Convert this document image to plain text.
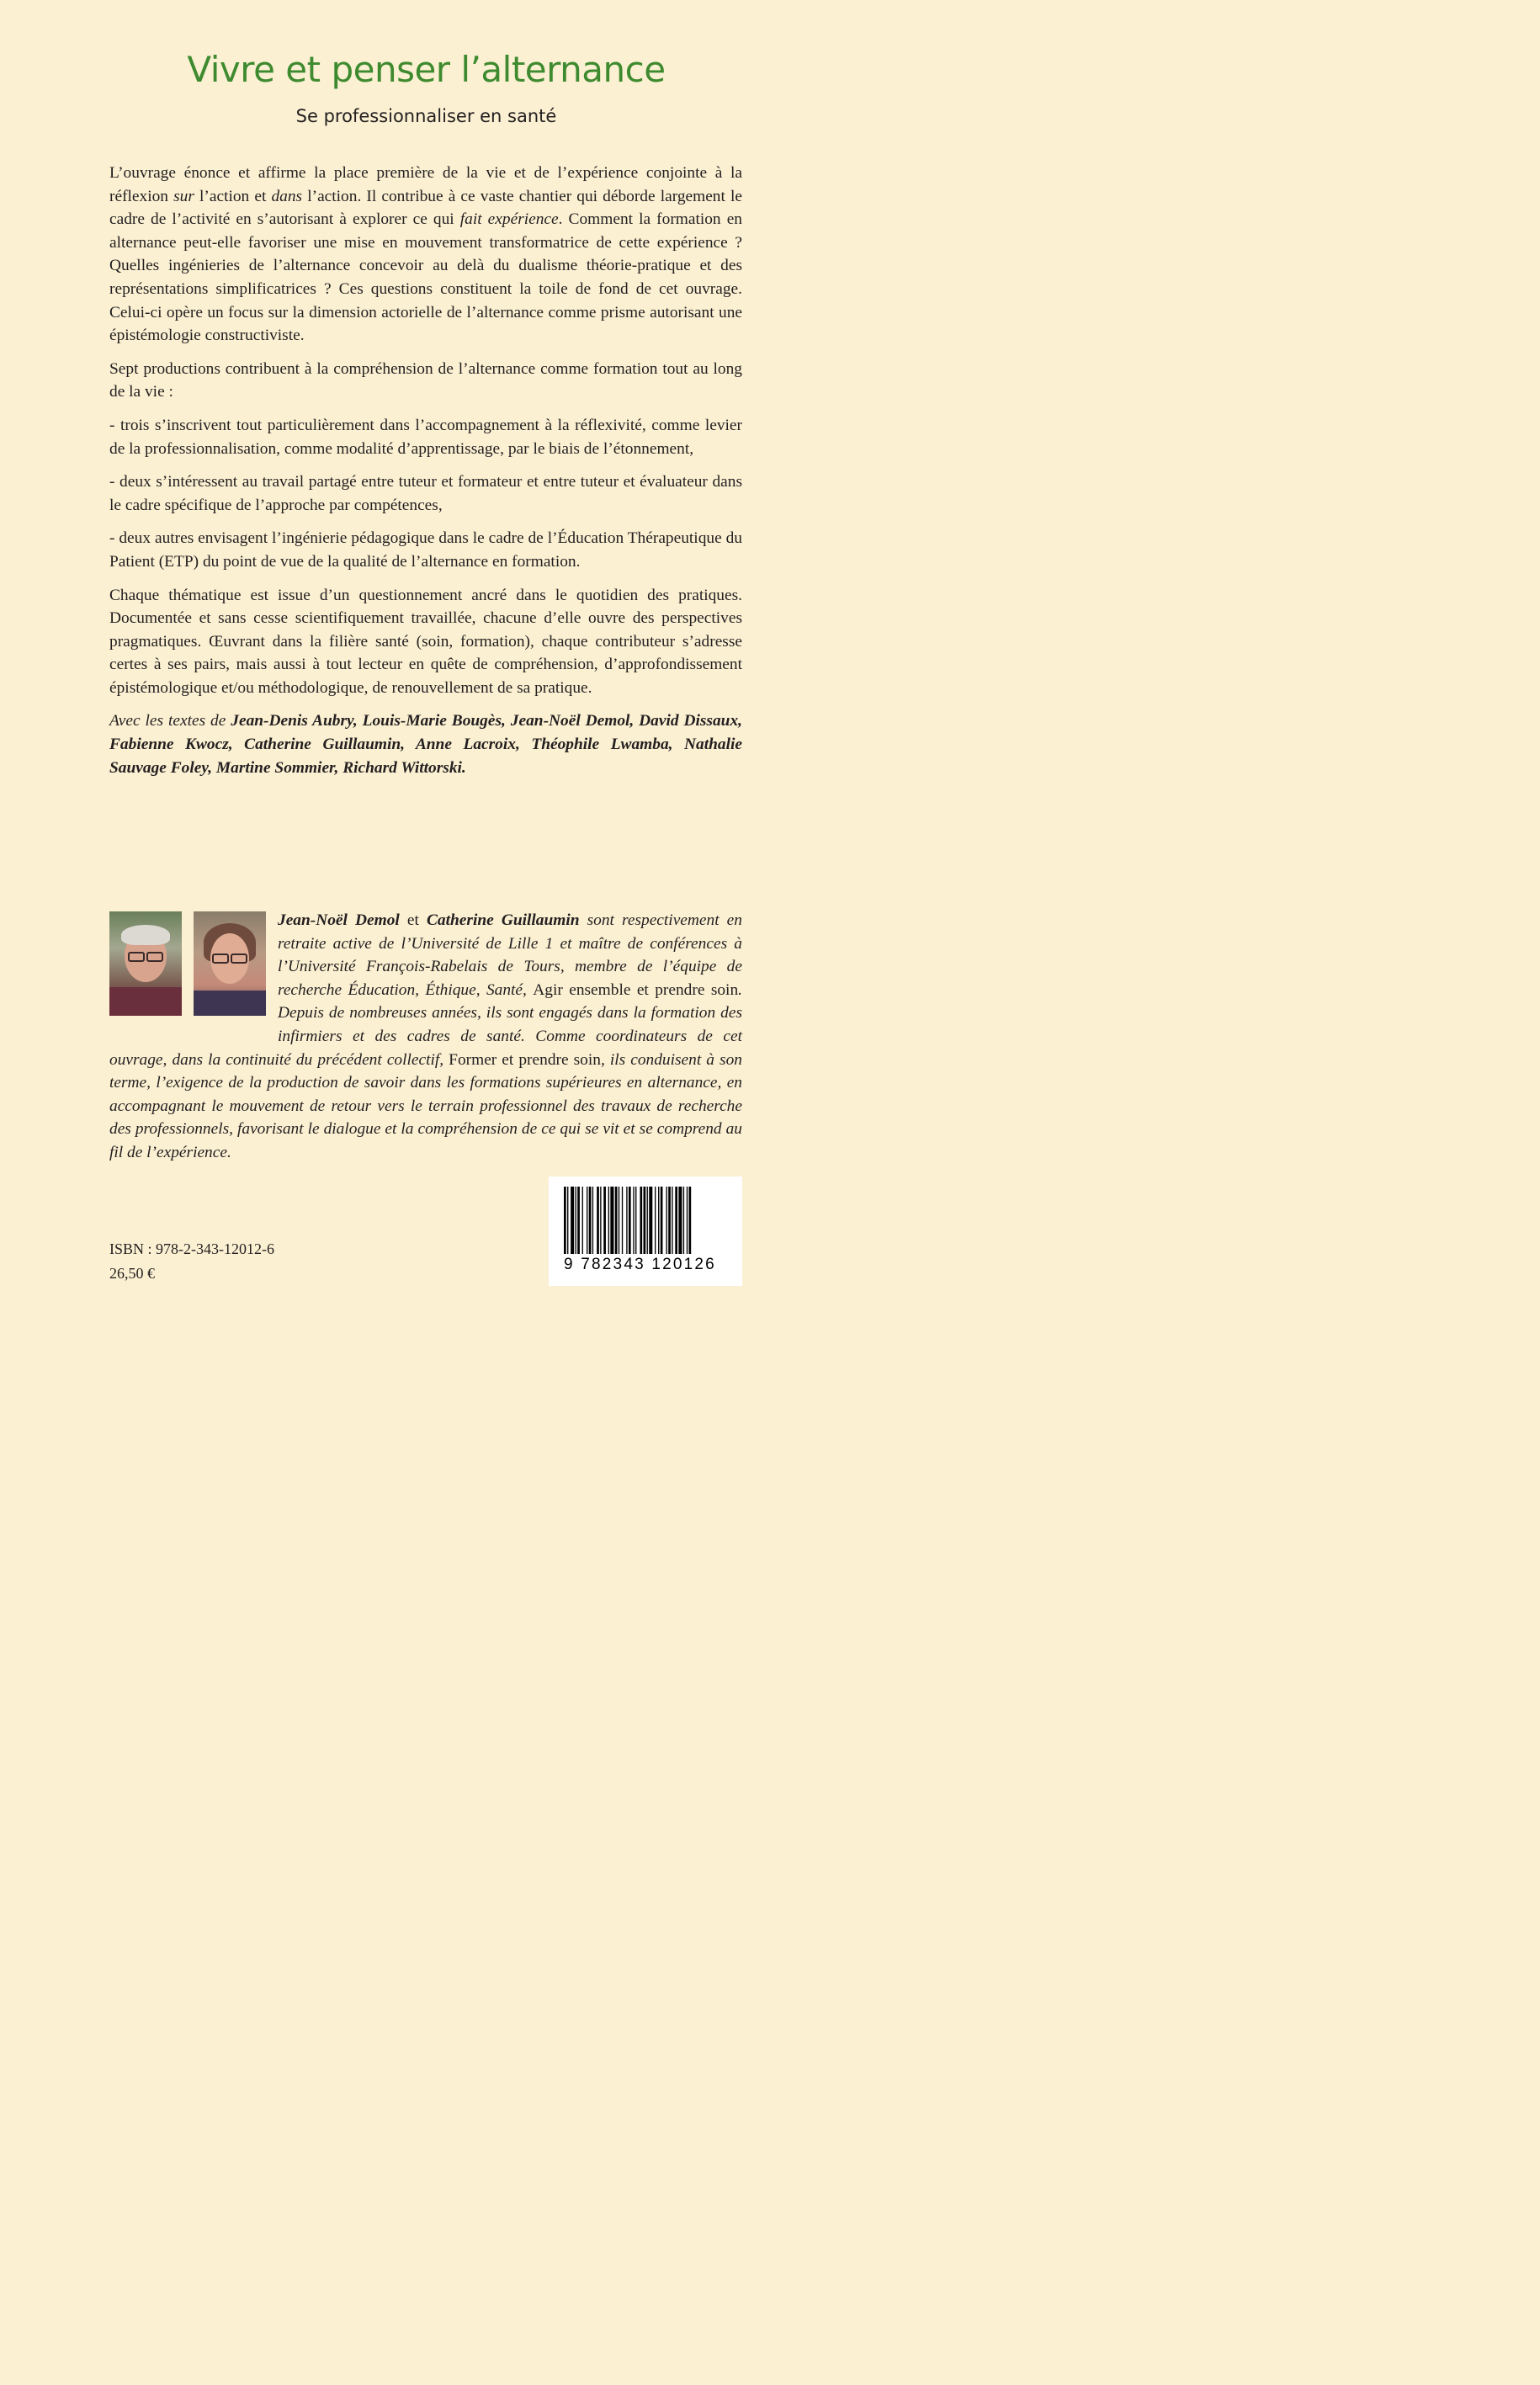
Vivre et penser l’alternance
Se professionnaliser en santé

L’ouvrage énonce et affirme la place première de la vie et de l’expérience conjointe à la réflexion sur l’action et dans l’action. Il contribue à ce vaste chantier qui déborde largement le cadre de l’activité en s’autorisant à explorer ce qui fait expérience. Comment la formation en alternance peut-elle favoriser une mise en mouvement transformatrice de cette expérience ? Quelles ingénieries de l’alternance concevoir au delà du dualisme théorie-pratique et des représentations simplificatrices ? Ces questions constituent la toile de fond de cet ouvrage. Celui-ci opère un focus sur la dimension actorielle de l’alternance comme prisme autorisant une épistémologie constructiviste.

Sept productions contribuent à la compréhension de l’alternance comme formation tout au long de la vie :

- trois s’inscrivent tout particulièrement dans l’accompagnement à la réflexivité, comme levier de la professionnalisation, comme modalité d’apprentissage, par le biais de l’étonnement,

- deux s’intéressent au travail partagé entre tuteur et formateur et entre tuteur et évaluateur dans le cadre spécifique de l’approche par compétences,

- deux autres envisagent l’ingénierie pédagogique dans le cadre de l’Éducation Thérapeutique du Patient (ETP) du point de vue de la qualité de l’alternance en formation.

Chaque thématique est issue d’un questionnement ancré dans le quotidien des pratiques. Documentée et sans cesse scientifiquement travaillée, chacune d’elle ouvre des perspectives pragmatiques. Œuvrant dans la filière santé (soin, formation), chaque contributeur s’adresse certes à ses pairs, mais aussi à tout lecteur en quête de compréhension, d’approfondissement épistémologique et/ou méthodologique, de renouvellement de sa pratique.

Avec les textes de Jean-Denis Aubry, Louis-Marie Bougès, Jean-Noël Demol, David Dissaux, Fabienne Kwocz, Catherine Guillaumin, Anne Lacroix, Théophile Lwamba, Nathalie Sauvage Foley, Martine Sommier, Richard Wittorski.

Jean-Noël Demol et Catherine Guillaumin sont respectivement en retraite active de l’Université de Lille 1 et maître de conférences à l’Université François-Rabelais de Tours, membre de l’équipe de recherche Éducation, Éthique, Santé, Agir ensemble et prendre soin. Depuis de nombreuses années, ils sont engagés dans la formation des infirmiers et des cadres de santé. Comme coordinateurs de cet ouvrage, dans la continuité du précédent collectif, Former et prendre soin, ils conduisent à son terme, l’exigence de la production de savoir dans les formations supérieures en alternance, en accompagnant le mouvement de retour vers le terrain professionnel des travaux de recherche des professionnels, favorisant le dialogue et la compréhension de ce qui se vit et se comprend au fil de l’expérience.
9 782343 120126
ISBN : 978-2-343-12012-6
26,50 €
